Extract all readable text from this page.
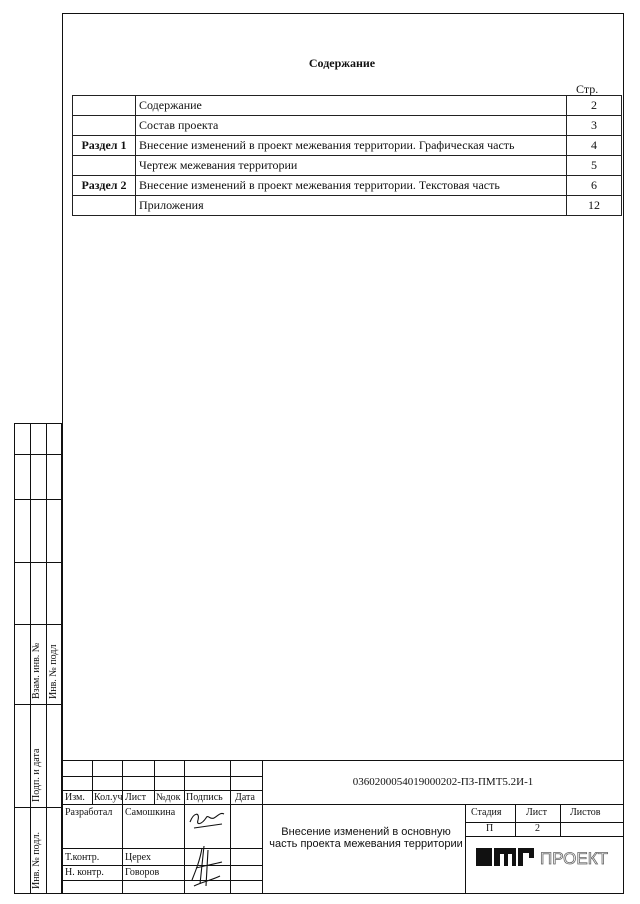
Содержание
Стр.
	Содержание	2
	Состав проекта	3
Раздел 1	Внесение изменений в проект межевания территории. Графическая часть	4
	Чертеж межевания территории	5
Раздел 2	Внесение изменений в проект межевания территории. Текстовая часть	6
	Приложения	12
Взам. инв. № Инв. № подл
Подп. и дата
Инв. № подл.
0360200054019000202-ПЗ-ПМТ5.2И-1
Изм. Кол.уч Лист №док Подпись Дата
Разработал Самошкина
Т.контр.	Церех
Н. контр. Говоров
Внесение изменений в основную часть проекта межевания территории
Стадия Лист Листов
П	2
ПРОЕКТ
